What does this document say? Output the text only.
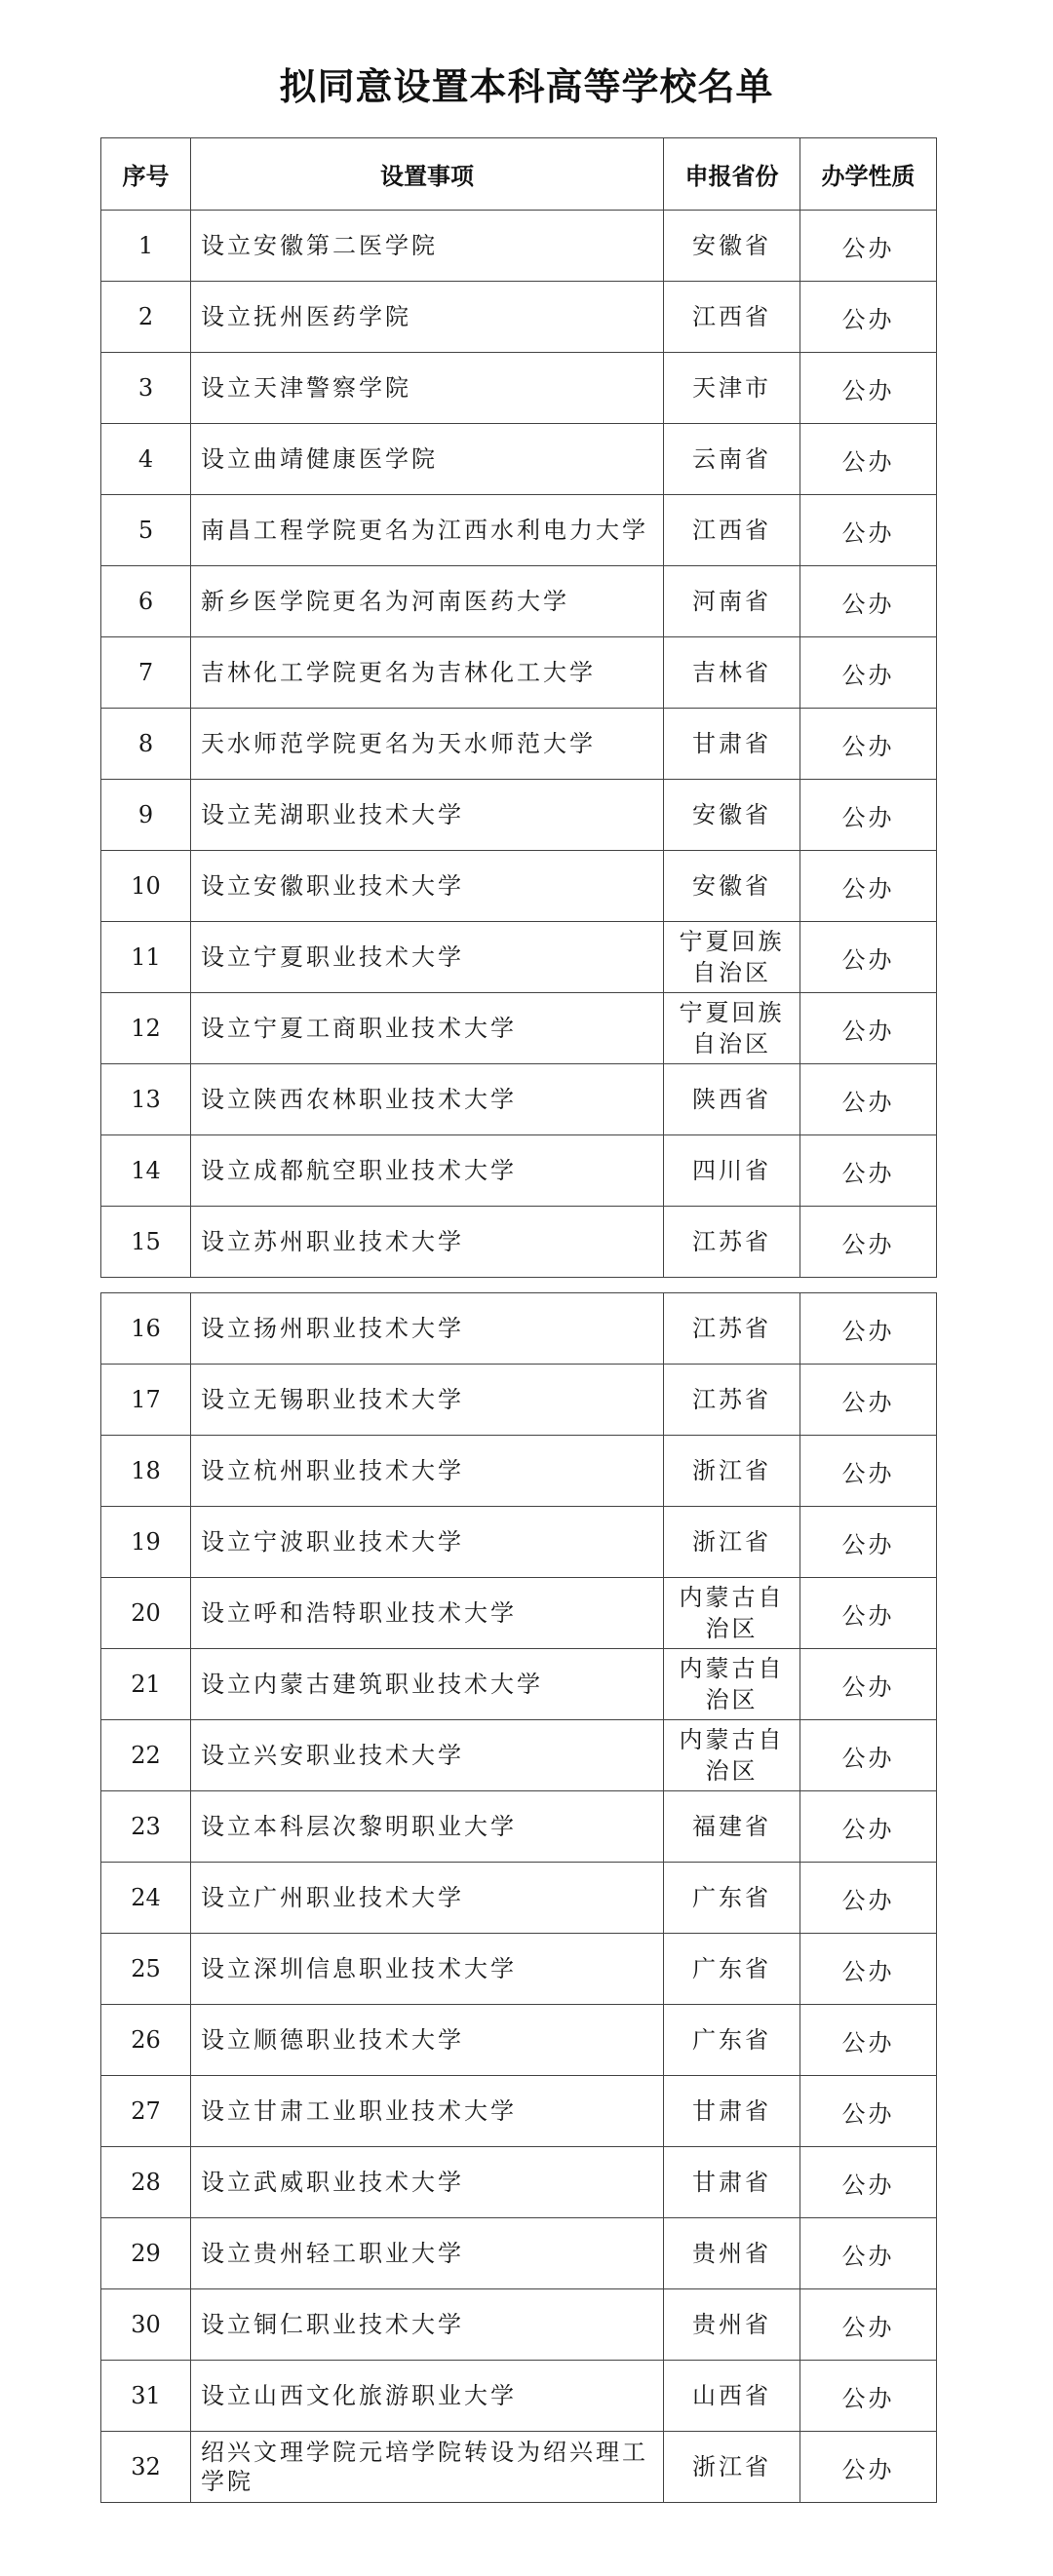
拟同意设置本科高等学校名单
序号	设置事项	申报省份	办学性质
1	设立安徽第二医学院	安徽省	公办
2	设立抚州医药学院	江西省	公办
3	设立天津警察学院	天津市	公办
4	设立曲靖健康医学院	云南省	公办
5	南昌工程学院更名为江西水利电力大学	江西省	公办
6	新乡医学院更名为河南医药大学	河南省	公办
7	吉林化工学院更名为吉林化工大学	吉林省	公办
8	天水师范学院更名为天水师范大学	甘肃省	公办
9	设立芜湖职业技术大学	安徽省	公办
10	设立安徽职业技术大学	安徽省	公办
11	设立宁夏职业技术大学	宁夏回族自治区	公办
12	设立宁夏工商职业技术大学	宁夏回族自治区	公办
13	设立陕西农林职业技术大学	陕西省	公办
14	设立成都航空职业技术大学	四川省	公办
15	设立苏州职业技术大学	江苏省	公办
16	设立扬州职业技术大学	江苏省	公办
17	设立无锡职业技术大学	江苏省	公办
18	设立杭州职业技术大学	浙江省	公办
19	设立宁波职业技术大学	浙江省	公办
20	设立呼和浩特职业技术大学	内蒙古自治区	公办
21	设立内蒙古建筑职业技术大学	内蒙古自治区	公办
22	设立兴安职业技术大学	内蒙古自治区	公办
23	设立本科层次黎明职业大学	福建省	公办
24	设立广州职业技术大学	广东省	公办
25	设立深圳信息职业技术大学	广东省	公办
26	设立顺德职业技术大学	广东省	公办
27	设立甘肃工业职业技术大学	甘肃省	公办
28	设立武威职业技术大学	甘肃省	公办
29	设立贵州轻工职业大学	贵州省	公办
30	设立铜仁职业技术大学	贵州省	公办
31	设立山西文化旅游职业大学	山西省	公办
32	绍兴文理学院元培学院转设为绍兴理工学院	浙江省	公办
